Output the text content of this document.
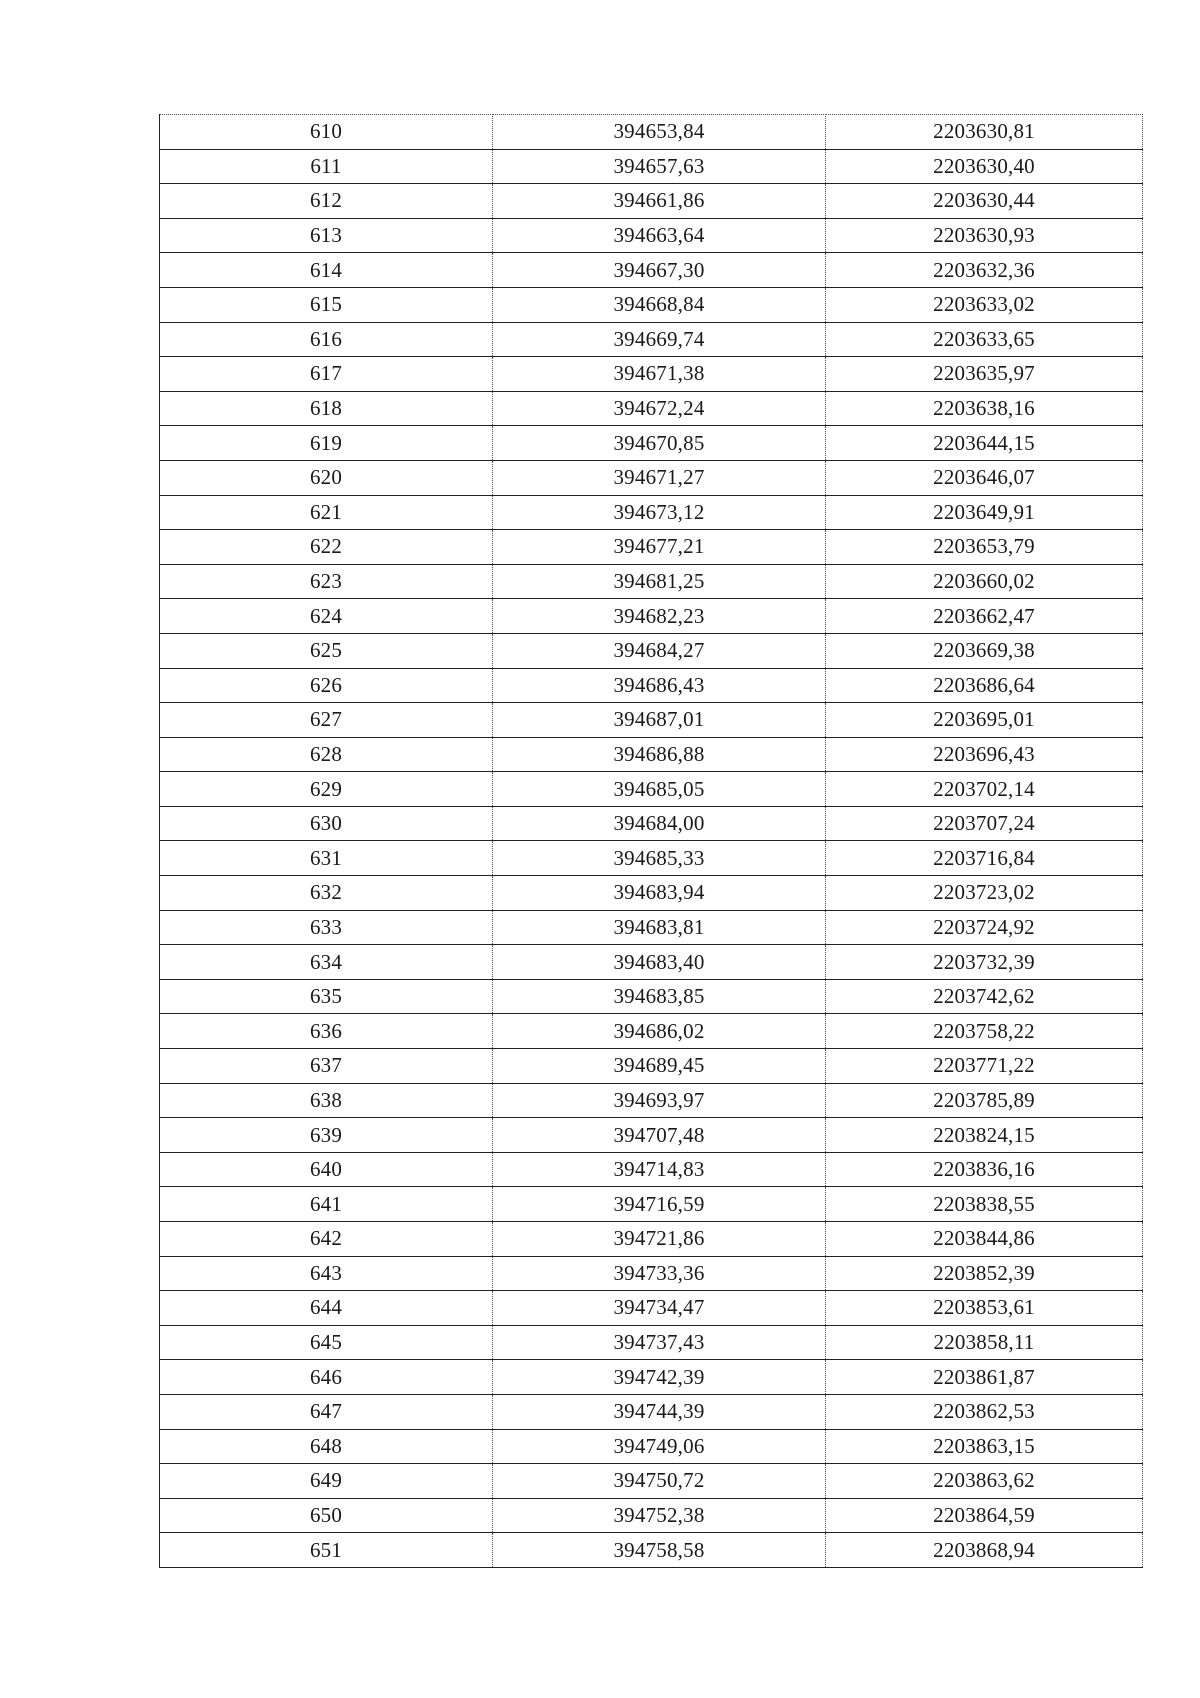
610	394653,84	2203630,81
611	394657,63	2203630,40
612	394661,86	2203630,44
613	394663,64	2203630,93
614	394667,30	2203632,36
615	394668,84	2203633,02
616	394669,74	2203633,65
617	394671,38	2203635,97
618	394672,24	2203638,16
619	394670,85	2203644,15
620	394671,27	2203646,07
621	394673,12	2203649,91
622	394677,21	2203653,79
623	394681,25	2203660,02
624	394682,23	2203662,47
625	394684,27	2203669,38
626	394686,43	2203686,64
627	394687,01	2203695,01
628	394686,88	2203696,43
629	394685,05	2203702,14
630	394684,00	2203707,24
631	394685,33	2203716,84
632	394683,94	2203723,02
633	394683,81	2203724,92
634	394683,40	2203732,39
635	394683,85	2203742,62
636	394686,02	2203758,22
637	394689,45	2203771,22
638	394693,97	2203785,89
639	394707,48	2203824,15
640	394714,83	2203836,16
641	394716,59	2203838,55
642	394721,86	2203844,86
643	394733,36	2203852,39
644	394734,47	2203853,61
645	394737,43	2203858,11
646	394742,39	2203861,87
647	394744,39	2203862,53
648	394749,06	2203863,15
649	394750,72	2203863,62
650	394752,38	2203864,59
651	394758,58	2203868,94
